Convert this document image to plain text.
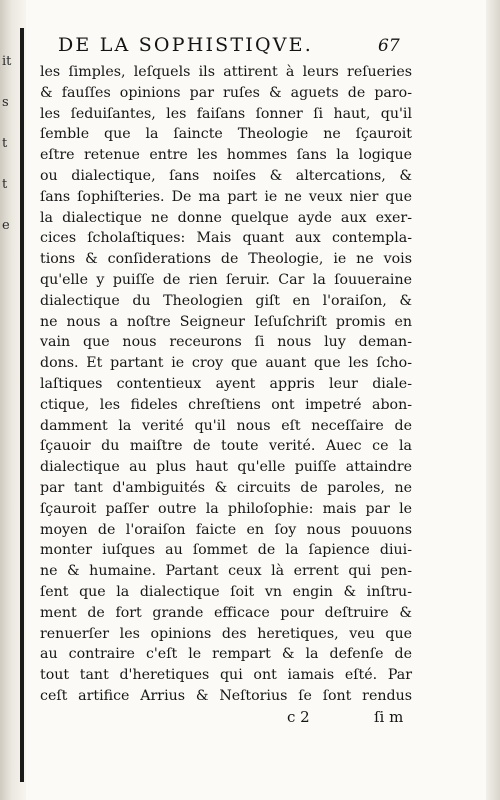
it
s
t
t
e
DE LA SOPHISTIQVE.	67
les ſimples, leſquels ils attirent à leurs reſueries
& fauſſes opinions par ruſes & aguets de paro-
les ſeduiſantes, les faiſans ſonner ſi haut, qu'il
ſemble que la ſaincte Theologie ne ſçauroit
eſtre retenue entre les hommes ſans la logique
ou dialectique, ſans noiſes & altercations, &
ſans ſophiſteries. De ma part ie ne veux nier que
la dialectique ne donne quelque ayde aux exer-
cices ſcholaſtiques: Mais quant aux contempla-
tions & conſiderations de Theologie, ie ne vois
qu'elle y puiſſe de rien ſeruir. Car la ſouueraine
dialectique du Theologien giſt en l'oraiſon, &
ne nous a noſtre Seigneur Ieſuſchriſt promis en
vain que nous receurons ſi nous luy deman-
dons. Et partant ie croy que auant que les ſcho-
laſtiques contentieux ayent appris leur diale-
ctique, les fideles chreſtiens ont impetré abon-
damment la verité qu'il nous eſt neceſſaire de
ſçauoir du maiſtre de toute verité. Auec ce la
dialectique au plus haut qu'elle puiſſe attaindre
par tant d'ambiguités & circuits de paroles, ne
ſçauroit paſſer outre la philoſophie: mais par le
moyen de l'oraiſon faicte en ſoy nous pouuons
monter iuſques au ſommet de la ſapience diui-
ne & humaine. Partant ceux là errent qui pen-
ſent que la dialectique ſoit vn engin & inſtru-
ment de fort grande efficace pour deſtruire &
renuerſer les opinions des heretiques, veu que
au contraire c'eſt le rempart & la defenſe de
tout tant d'heretiques qui ont iamais eſté. Par
ceſt artifice Arrius & Neſtorius ſe ſont rendus
c 2	ſi m
